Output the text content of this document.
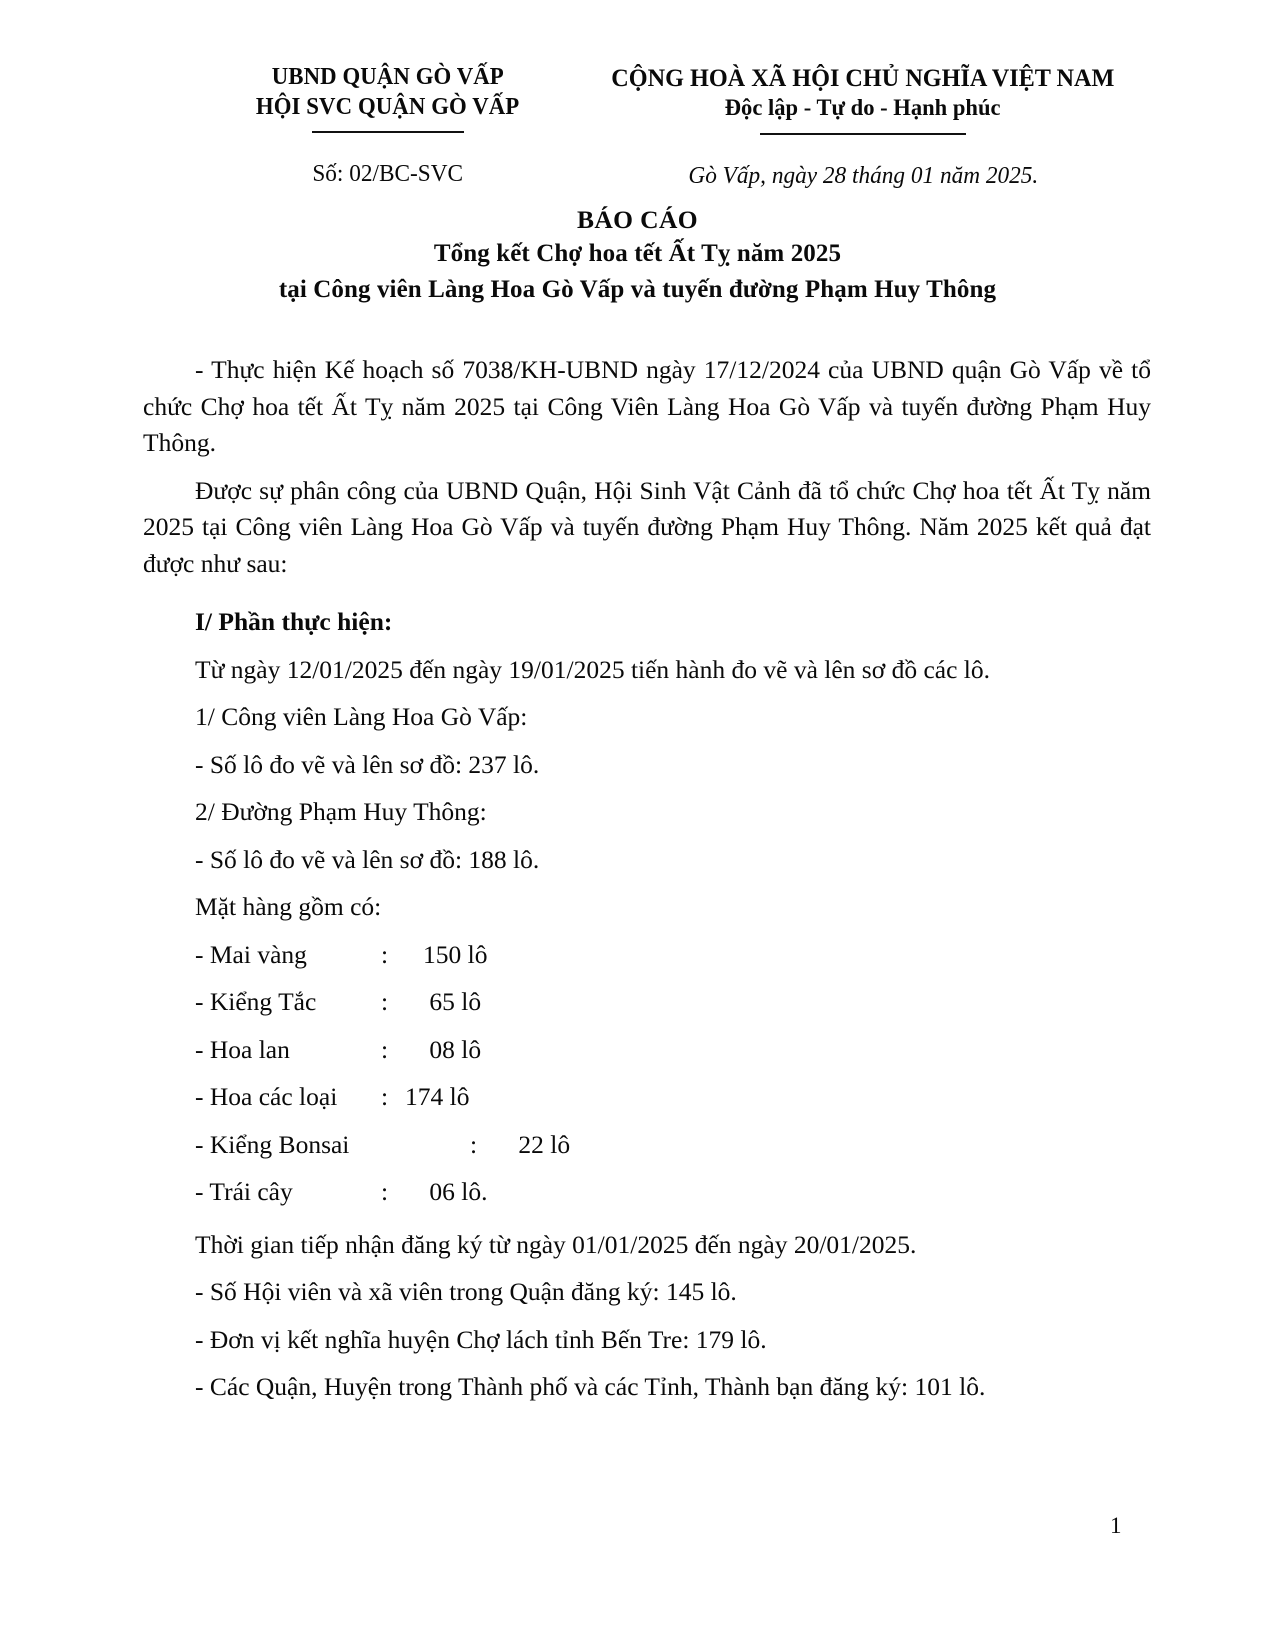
UBND QUẬN GÒ VẤP
HỘI SVC QUẬN GÒ VẤP
Số: 02/BC-SVC
CỘNG HOÀ XÃ HỘI CHỦ NGHĨA VIỆT NAM
Độc lập - Tự do - Hạnh phúc
Gò Vấp, ngày 28 tháng 01 năm 2025.
BÁO CÁO
Tổng kết Chợ hoa tết Ất Tỵ năm 2025
tại Công viên Làng Hoa Gò Vấp và tuyến đường Phạm Huy Thông

- Thực hiện Kế hoạch số 7038/KH-UBND ngày 17/12/2024 của UBND quận Gò Vấp về tổ chức Chợ hoa tết Ất Tỵ năm 2025 tại Công Viên Làng Hoa Gò Vấp và tuyến đường Phạm Huy Thông.

Được sự phân công của UBND Quận, Hội Sinh Vật Cảnh đã tổ chức Chợ hoa tết Ất Tỵ năm 2025 tại Công viên Làng Hoa Gò Vấp và tuyến đường Phạm Huy Thông. Năm 2025 kết quả đạt được như sau:

I/ Phần thực hiện:
Từ ngày 12/01/2025 đến ngày 19/01/2025 tiến hành đo vẽ và lên sơ đồ các lô.
1/ Công viên Làng Hoa Gò Vấp:
- Số lô đo vẽ và lên sơ đồ: 237 lô.
2/ Đường Phạm Huy Thông:
- Số lô đo vẽ và lên sơ đồ: 188 lô.
Mặt hàng gồm có:
- Mai vàng	:	150 lô
- Kiểng Tắc	:	65 lô
- Hoa lan	:	08 lô
- Hoa các loại	: 174 lô
- Kiểng Bonsai	:	22 lô
- Trái cây	:	06 lô.
Thời gian tiếp nhận đăng ký từ ngày 01/01/2025 đến ngày 20/01/2025.
- Số Hội viên và xã viên trong Quận đăng ký: 145 lô.
- Đơn vị kết nghĩa huyện Chợ lách tỉnh Bến Tre: 179 lô.
- Các Quận, Huyện trong Thành phố và các Tỉnh, Thành bạn đăng ký: 101 lô.
1
